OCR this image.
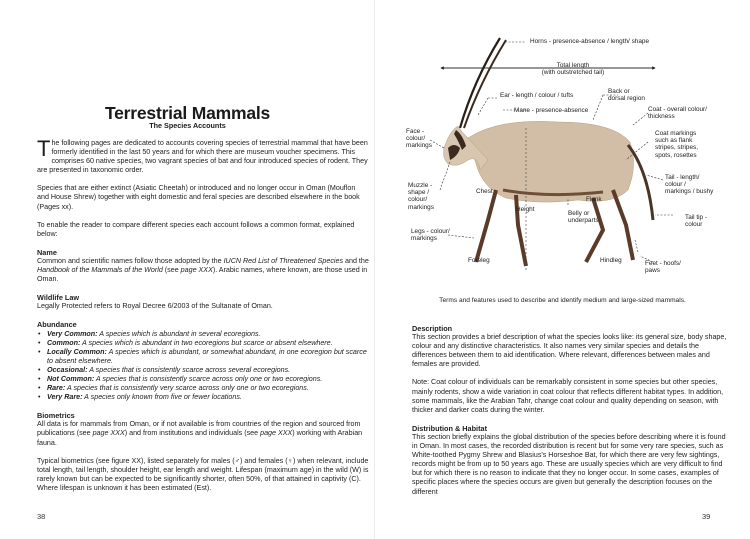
Terrestrial Mammals
The Species Accounts

The following pages are dedicated to accounts covering species of terrestrial mammal that have been formerly identified in the last 50 years and for which there are museum voucher specimens. This comprises 60 native species, two vagrant species of bat and four introduced species of rodent. They are presented in taxonomic order.

Species that are either extinct (Asiatic Cheetah) or introduced and no longer occur in Oman (Mouflon and House Shrew) together with eight domestic and feral species are described elsewhere in the book (Pages xx).

To enable the reader to compare different species each account follows a common format, explained below:

Name

Common and scientific names follow those adopted by the IUCN Red List of Threatened Species and the Handbook of the Mammals of the World (see page XXX). Arabic names, where known, are those used in Oman.

Wildlife Law

Legally Protected refers to Royal Decree 6/2003 of the Sultanate of Oman.

Abundance
• Very Common: A species which is abundant in several ecoregions.
• Common: A species which is abundant in two ecoregions but scarce or absent elsewhere.
• Locally Common: A species which is abundant, or somewhat abundant, in one ecoregion but scarce to absent elsewhere.
• Occasional: A species that is consistently scarce across several ecoregions.
• Not Common: A species that is consistently scarce across only one or two ecoregions.
• Rare: A species that is consistently very scarce across only one or two ecoregions.
• Very Rare: A species only known from five or fewer locations.
Biometrics

All data is for mammals from Oman, or if not available is from countries of the region and sourced from publications (see page XXX) and from institutions and individuals (see page XXX) working with Arabian fauna.

Typical biometrics (see figure XX), listed separately for males (♂) and females (♀) when relevant, include total length, tail length, shoulder height, ear length and weight. Lifespan (maximum age) in the wild (W) is rarely known but can be expected to be significantly shorter, often 50%, of that attained in captivity (C). Where lifespan is unknown it has been estimated (Est).

38
Horns - presence-absence / length/ shape
Total length
(with outstretched tail)
Ear - length / colour / tufts
Back or
dorsal region
Mane - presence-absence	Coat - overall colour/
thickness
Face -
colour/
markings
Coat markings
such as flank
stripes, stripes,
spots, rosettes
Muzzle -
shape /
colour/
markings
Chest
Flank
Tail - length/
colour /
markings / bushy
Height
Belly or
underparts	Tail tip -
colour
Legs - colour/
markings
Foreleg	Hindleg	Feet - hoofs/
paws
Terms and features used to describe and identify medium and large-sized mammals.
Description

This section provides a brief description of what the species looks like: its general size, body shape, colour and any distinctive characteristics. It also names very similar species and details the differences between them to aid identification. Where relevant, differences between males and females are provided.

Note: Coat colour of individuals can be remarkably consistent in some species but other species, mainly rodents, show a wide variation in coat colour that reflects different habitat types. In addition, some mammals, like the Arabian Tahr, change coat colour and quality depending on season, with thicker and darker coats during the winter.

Distribution & Habitat

This section briefly explains the global distribution of the species before describing where it is found in Oman. In most cases, the recorded distribution is recent but for some very rare species, such as White-toothed Pygmy Shrew and Blasius's Horseshoe Bat, for which there are very few sightings, records might be from up to 50 years ago. These are usually species which are very difficult to find but for which there is no reason to indicate that they no longer occur. In some cases, examples of specific places where the species occurs are given but generally the description focuses on the different

39
